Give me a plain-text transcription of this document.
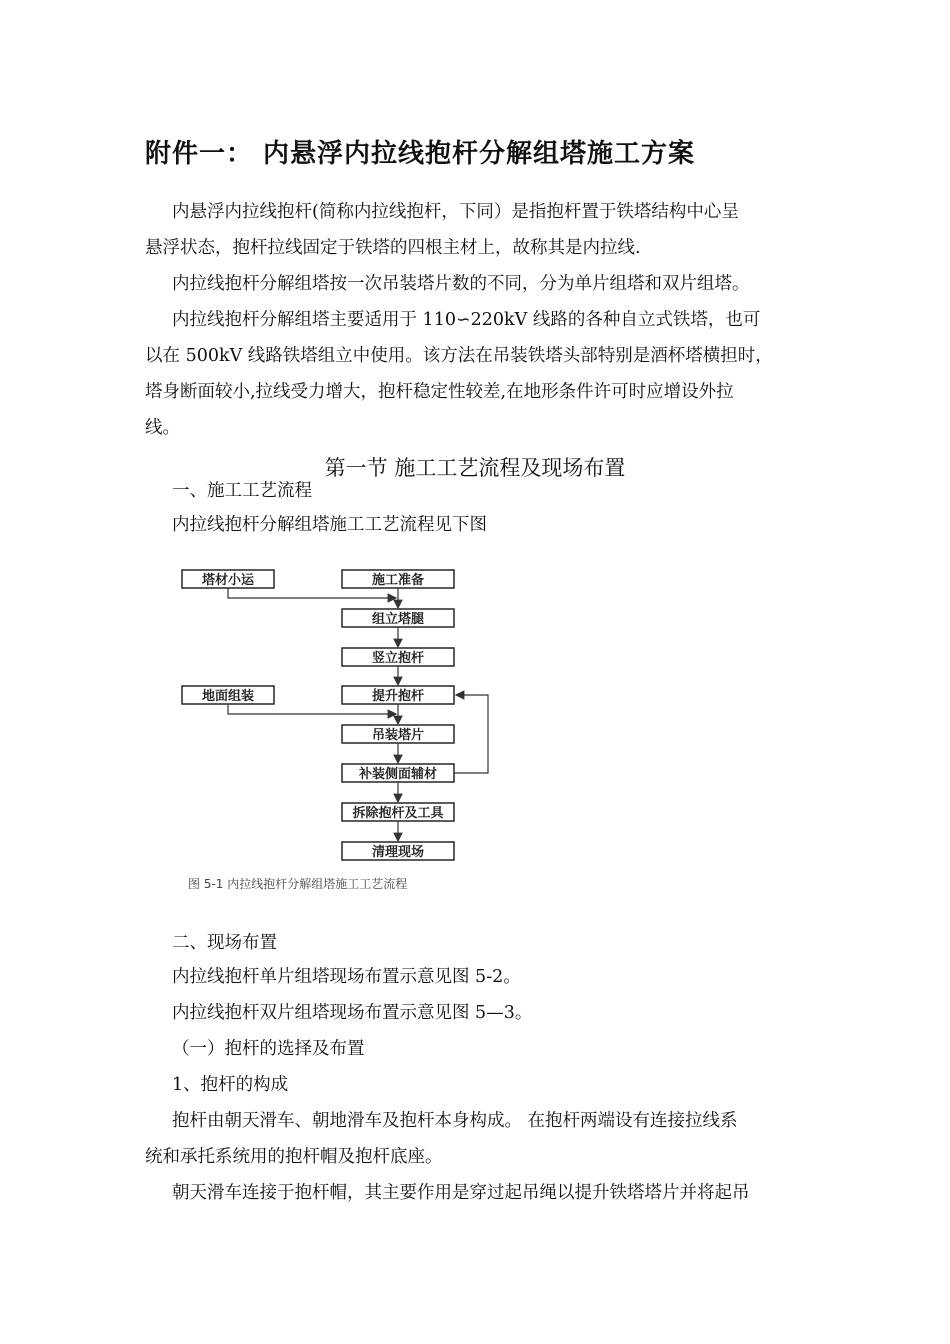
附件一： 内悬浮内拉线抱杆分解组塔施工方案
内悬浮内拉线抱杆(简称内拉线抱杆，下同）是指抱杆置于铁塔结构中心呈
悬浮状态，抱杆拉线固定于铁塔的四根主材上，故称其是内拉线.
内拉线抱杆分解组塔按一次吊装塔片数的不同，分为单片组塔和双片组塔。
内拉线抱杆分解组塔主要适用于 110∽220kV 线路的各种自立式铁塔，也可
以在 500kV 线路铁塔组立中使用。该方法在吊装铁塔头部特别是酒杯塔横担时，
塔身断面较小,拉线受力增大，抱杆稳定性较差,在地形条件许可时应增设外拉
线。
第一节 施工工艺流程及现场布置
一、施工工艺流程
内拉线抱杆分解组塔施工工艺流程见下图
塔材小运
地面组装
施工准备
组立塔腿
竖立抱杆
提升抱杆
吊装塔片
补装侧面辅材
拆除抱杆及工具
清理现场
图 5-1 内拉线抱杆分解组塔施工工艺流程
二、现场布置
内拉线抱杆单片组塔现场布置示意见图 5-2。
内拉线抱杆双片组塔现场布置示意见图 5—3。
（一）抱杆的选择及布置
1、抱杆的构成
抱杆由朝天滑车、朝地滑车及抱杆本身构成。 在抱杆两端设有连接拉线系
统和承托系统用的抱杆帽及抱杆底座。
朝天滑车连接于抱杆帽，其主要作用是穿过起吊绳以提升铁塔塔片并将起吊
